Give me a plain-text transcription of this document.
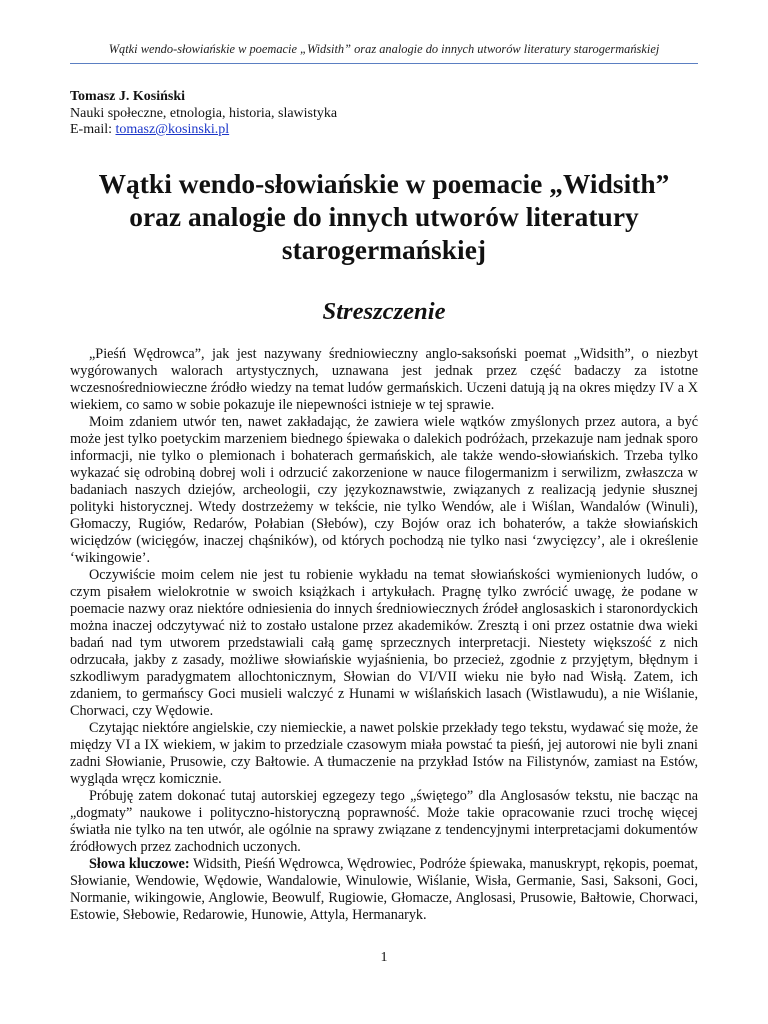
Wątki wendo-słowiańskie w poemacie „Widsith” oraz analogie do innych utworów literatury starogermańskiej
Tomasz J. Kosiński
Nauki społeczne, etnologia, historia, slawistyka
E-mail: tomasz@kosinski.pl
Wątki wendo-słowiańskie w poemacie „Widsith” oraz analogie do innych utworów literatury starogermańskiej
Streszczenie

„Pieśń Wędrowca”, jak jest nazywany średniowieczny anglo-saksoński poemat „Widsith”, o niezbyt wygórowanych walorach artystycznych, uznawana jest jednak przez część badaczy za istotne wczesnośredniowieczne źródło wiedzy na temat ludów germańskich. Uczeni datują ją na okres między IV a X wiekiem, co samo w sobie pokazuje ile niepewności istnieje w tej sprawie.

Moim zdaniem utwór ten, nawet zakładając, że zawiera wiele wątków zmyślonych przez autora, a być może jest tylko poetyckim marzeniem biednego śpiewaka o dalekich podróżach, przekazuje nam jednak sporo informacji, nie tylko o plemionach i bohaterach germańskich, ale także wendo-słowiańskich. Trzeba tylko wykazać się odrobiną dobrej woli i odrzucić zakorzenione w nauce filogermanizm i serwilizm, zwłaszcza w badaniach naszych dziejów, archeologii, czy językoznawstwie, związanych z realizacją jedynie słusznej polityki historycznej. Wtedy dostrzeżemy w tekście, nie tylko Wendów, ale i Wiślan, Wandalów (Winuli), Głomaczy, Rugiów, Redarów, Połabian (Słebów), czy Bojów oraz ich bohaterów, a także słowiańskich wiciędzów (wicięgów, inaczej chąśników), od których pochodzą nie tylko nasi ‘zwycięzcy’, ale i określenie ‘wikingowie’.

Oczywiście moim celem nie jest tu robienie wykładu na temat słowiańskości wymienionych ludów, o czym pisałem wielokrotnie w swoich książkach i artykułach. Pragnę tylko zwrócić uwagę, że podane w poemacie nazwy oraz niektóre odniesienia do innych średniowiecznych źródeł anglosaskich i staronordyckich można inaczej odczytywać niż to zostało ustalone przez akademików. Zresztą i oni przez ostatnie dwa wieki badań nad tym utworem przedstawiali całą gamę sprzecznych interpretacji. Niestety większość z nich odrzucała, jakby z zasady, możliwe słowiańskie wyjaśnienia, bo przecież, zgodnie z przyjętym, błędnym i szkodliwym paradygmatem allochtonicznym, Słowian do VI/VII wieku nie było nad Wisłą. Zatem, ich zdaniem, to germańscy Goci musieli walczyć z Hunami w wiślańskich lasach (Wistlawudu), a nie Wiślanie, Chorwaci, czy Wędowie.

Czytając niektóre angielskie, czy niemieckie, a nawet polskie przekłady tego tekstu, wydawać się może, że między VI a IX wiekiem, w jakim to przedziale czasowym miała powstać ta pieśń, jej autorowi nie byli znani zadni Słowianie, Prusowie, czy Bałtowie. A tłumaczenie na przykład Istów na Filistynów, zamiast na Estów, wygląda wręcz komicznie.

Próbuję zatem dokonać tutaj autorskiej egzegezy tego „świętego” dla Anglosasów tekstu, nie bacząc na „dogmaty” naukowe i polityczno-historyczną poprawność. Może takie opracowanie rzuci trochę więcej światła nie tylko na ten utwór, ale ogólnie na sprawy związane z tendencyjnymi interpretacjami dokumentów źródłowych przez zachodnich uczonych.

Słowa kluczowe: Widsith, Pieśń Wędrowca, Wędrowiec, Podróże śpiewaka, manuskrypt, rękopis, poemat, Słowianie, Wendowie, Wędowie, Wandalowie, Winulowie, Wiślanie, Wisła, Germanie, Sasi, Saksoni, Goci, Normanie, wikingowie, Anglowie, Beowulf, Rugiowie, Głomacze, Anglosasi, Prusowie, Bałtowie, Chorwaci, Estowie, Słebowie, Redarowie, Hunowie, Attyla, Hermanaryk.

1
